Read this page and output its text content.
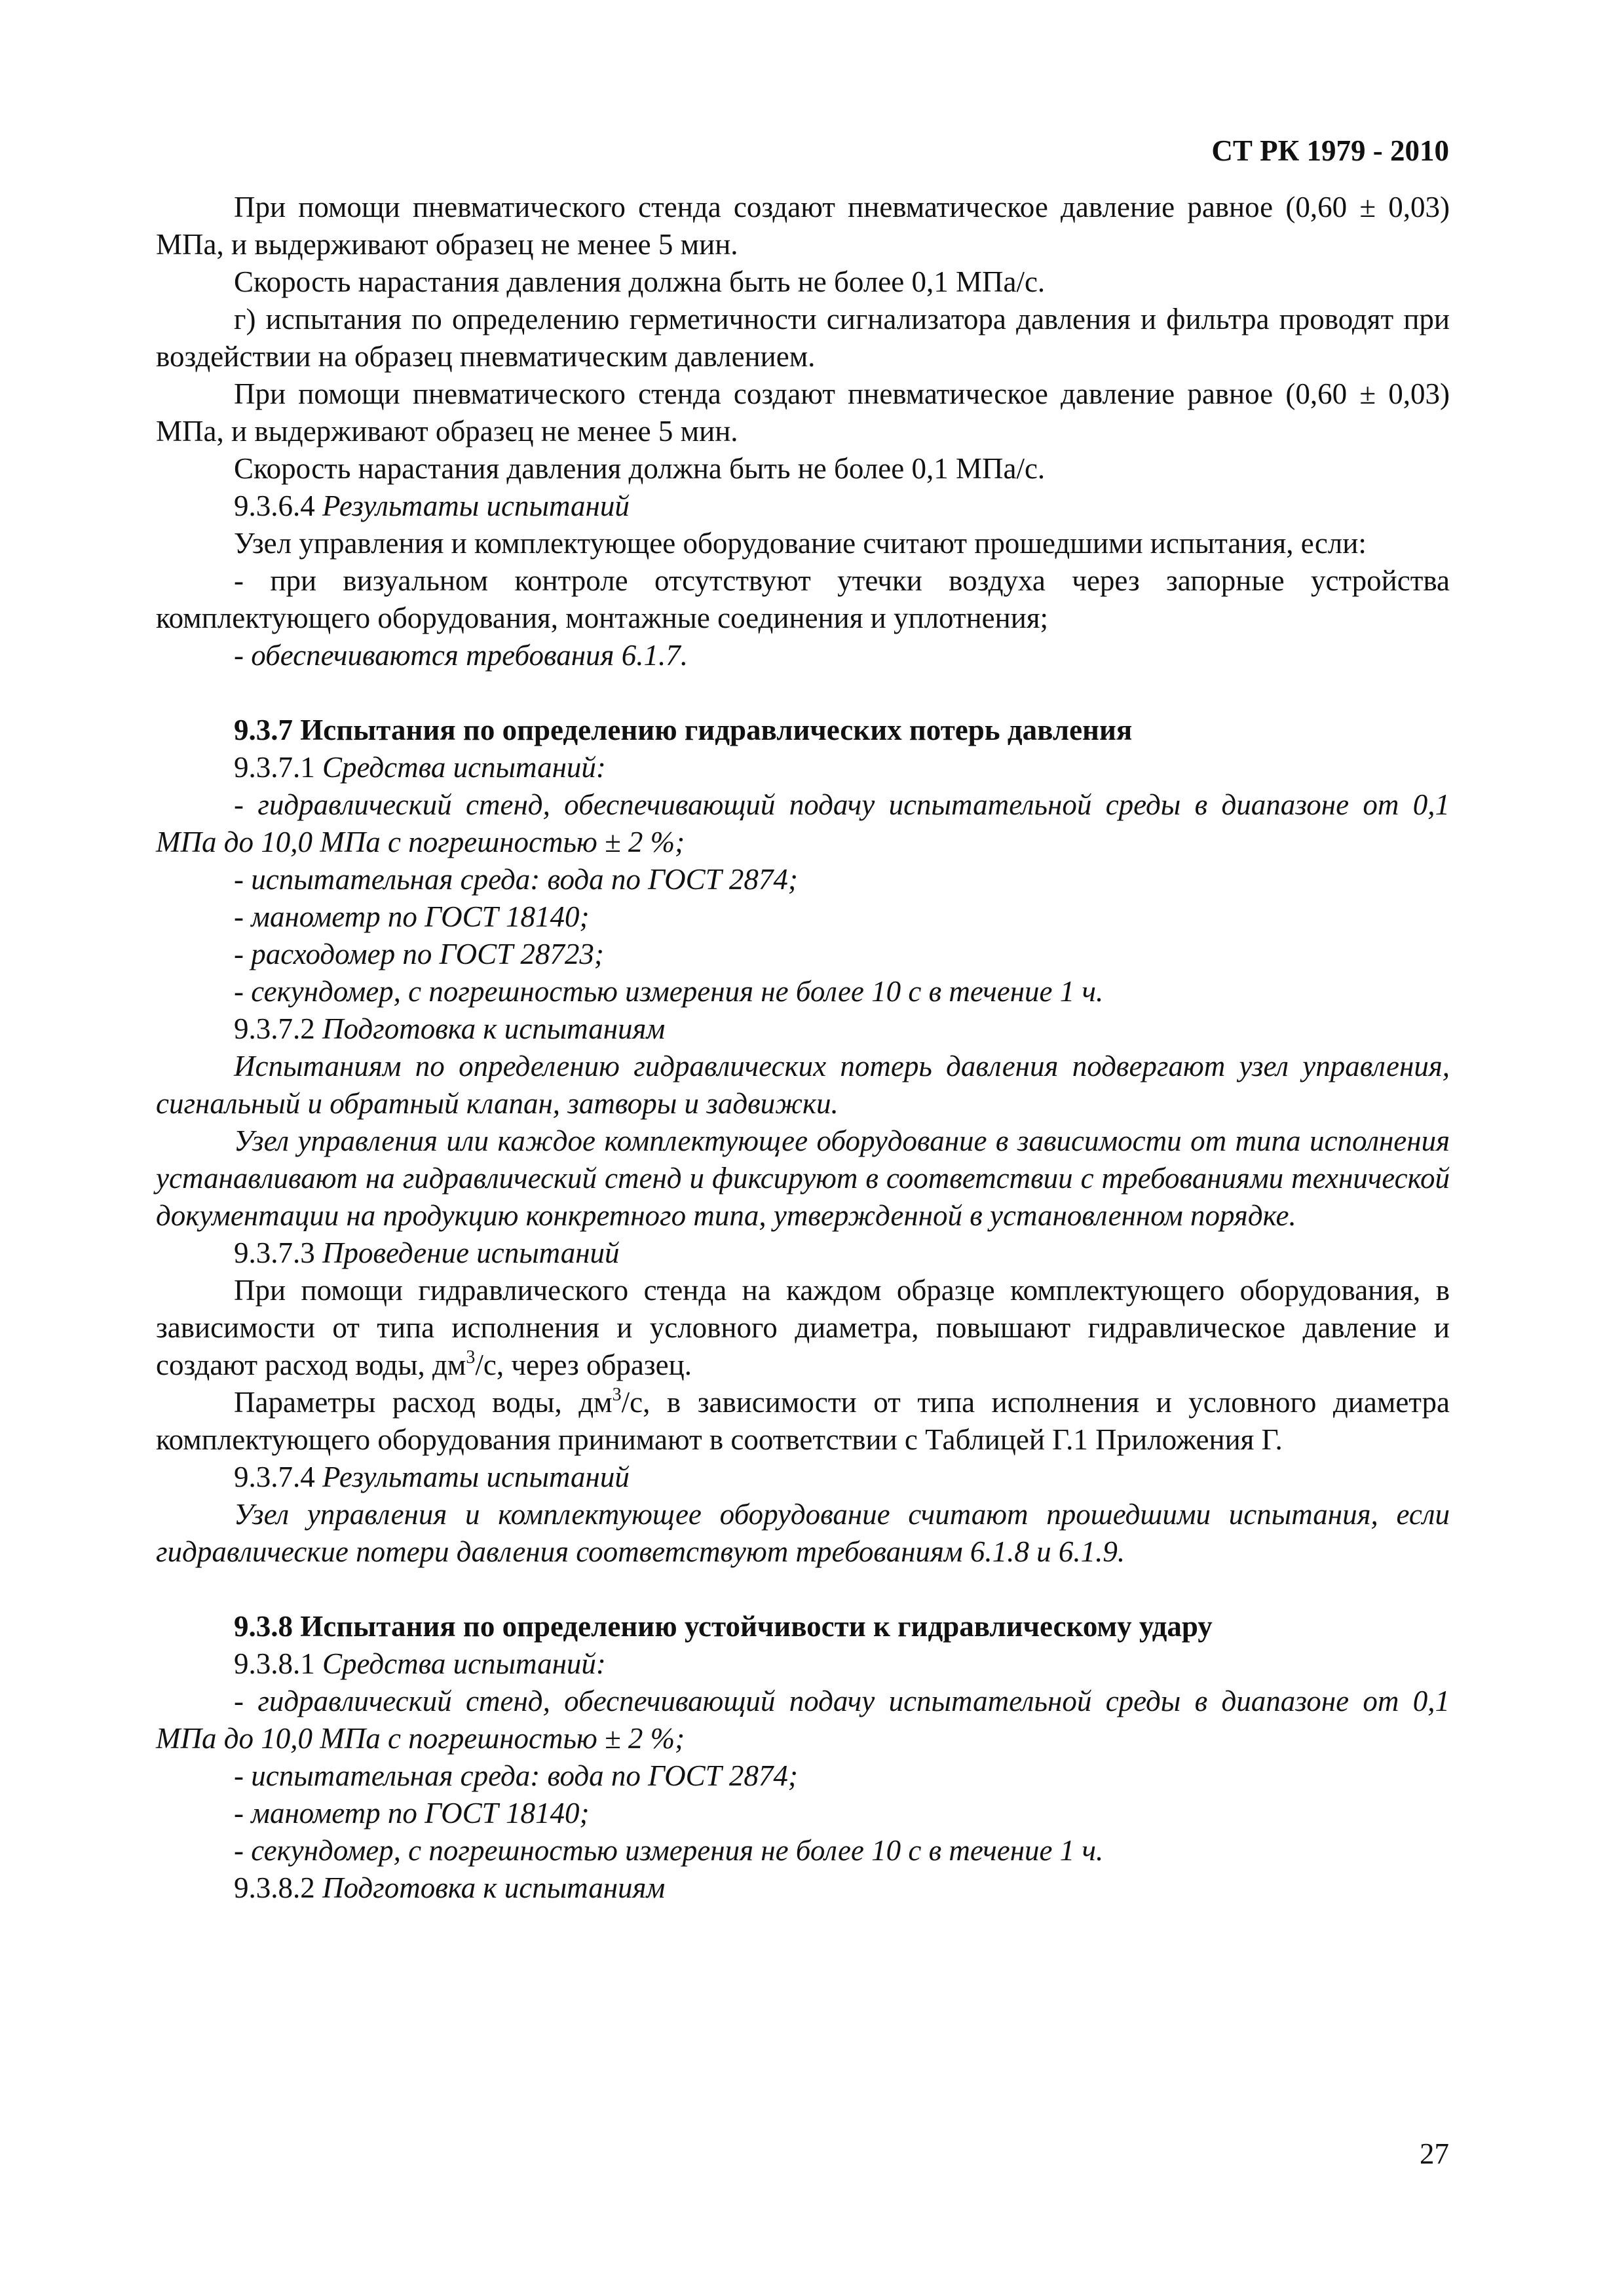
СТ РК 1979 - 2010

При помощи пневматического стенда создают пневматическое давление равное (0,60 ± 0,03) МПа, и выдерживают образец не менее 5 мин.

Скорость нарастания давления должна быть не более 0,1 МПа/с.

г) испытания по определению герметичности сигнализатора давления и фильтра проводят при воздействии на образец пневматическим давлением.

При помощи пневматического стенда создают пневматическое давление равное (0,60 ± 0,03) МПа, и выдерживают образец не менее 5 мин.

Скорость нарастания давления должна быть не более 0,1 МПа/с.

9.3.6.4 Результаты испытаний

Узел управления и комплектующее оборудование считают прошедшими испытания, если:

- при визуальном контроле отсутствуют утечки воздуха через запорные устройства комплектующего оборудования, монтажные соединения и уплотнения;

- обеспечиваются требования 6.1.7.

9.3.7 Испытания по определению гидравлических потерь давления

9.3.7.1 Средства испытаний:

- гидравлический стенд, обеспечивающий подачу испытательной среды в диапазоне от 0,1 МПа до 10,0 МПа с погрешностью ± 2 %;

- испытательная среда: вода по ГОСТ 2874;

- манометр по ГОСТ 18140;

- расходомер по ГОСТ 28723;

- секундомер, с погрешностью измерения не более 10 с в течение 1 ч.

9.3.7.2 Подготовка к испытаниям

Испытаниям по определению гидравлических потерь давления подвергают узел управления, сигнальный и обратный клапан, затворы и задвижки.

Узел управления или каждое комплектующее оборудование в зависимости от типа исполнения устанавливают на гидравлический стенд и фиксируют в соответствии с требованиями технической документации на продукцию конкретного типа, утвержденной в установленном порядке.

9.3.7.3 Проведение испытаний

При помощи гидравлического стенда на каждом образце комплектующего оборудования, в зависимости от типа исполнения и условного диаметра, повышают гидравлическое давление и создают расход воды, $дм^3/с$, через образец.

Параметры расход воды, $дм^3/с$, в зависимости от типа исполнения и условного диаметра комплектующего оборудования принимают в соответствии с Таблицей Г.1 Приложения Г.

9.3.7.4 Результаты испытаний

Узел управления и комплектующее оборудование считают прошедшими испытания, если гидравлические потери давления соответствуют требованиям 6.1.8 и 6.1.9.

9.3.8 Испытания по определению устойчивости к гидравлическому удару

9.3.8.1 Средства испытаний:

- гидравлический стенд, обеспечивающий подачу испытательной среды в диапазоне от 0,1 МПа до 10,0 МПа с погрешностью ± 2 %;

- испытательная среда: вода по ГОСТ 2874;

- манометр по ГОСТ 18140;

- секундомер, с погрешностью измерения не более 10 с в течение 1 ч.

9.3.8.2 Подготовка к испытаниям

27
